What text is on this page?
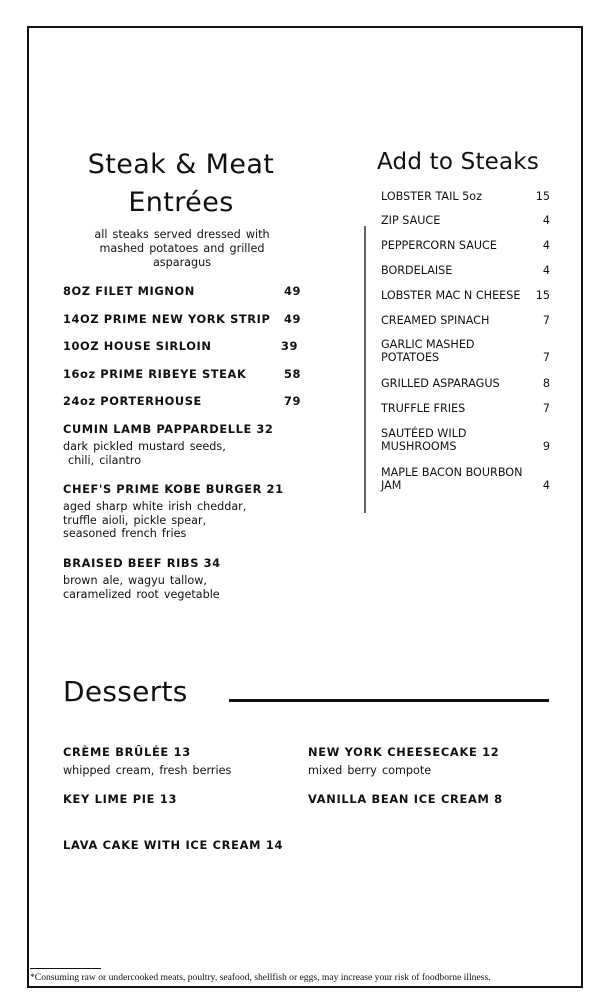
'
Steak & Meat
Entrées
all steaks served dressed with mashed potatoes and grilled asparagus
8OZ FILET MIGNON	49
14OZ PRIME NEW YORK STRIP 49
10OZ HOUSE SIRLOIN	39
16oz PRIME RIBEYE STEAK	58
24oz PORTERHOUSE	79
CUMIN LAMB PAPPARDELLE 32
dark pickled mustard seeds,
chili, cilantro
CHEF'S PRIME KOBE BURGER 21
aged sharp white irish cheddar,
truffle aioli, pickle spear,
seasoned french fries
BRAISED BEEF RIBS 34
brown ale, wagyu tallow,
caramelized root vegetable
Add to Steaks
LOBSTER TAIL 5oz	15
ZIP SAUCE	4
PEPPERCORN SAUCE	4
BORDELAISE	4
LOBSTER MAC N CHEESE	15
CREAMED SPINACH	7
GARLIC MASHED
POTATOES	7
GRILLED ASPARAGUS	8
TRUFFLE FRIES	7
SAUTÉED WILD
MUSHROOMS	9
MAPLE BACON BOURBON
JAM	4
Desserts
CRÈME BRÛLÉE 13
whipped cream, fresh berries
NEW YORK CHEESECAKE 12
mixed berry compote
KEY LIME PIE 13	VANILLA BEAN ICE CREAM 8
LAVA CAKE WITH ICE CREAM 14
*Consuming raw or undercooked meats, poultry, seafood, shellfish or eggs, may increase your risk of foodborne illness.
